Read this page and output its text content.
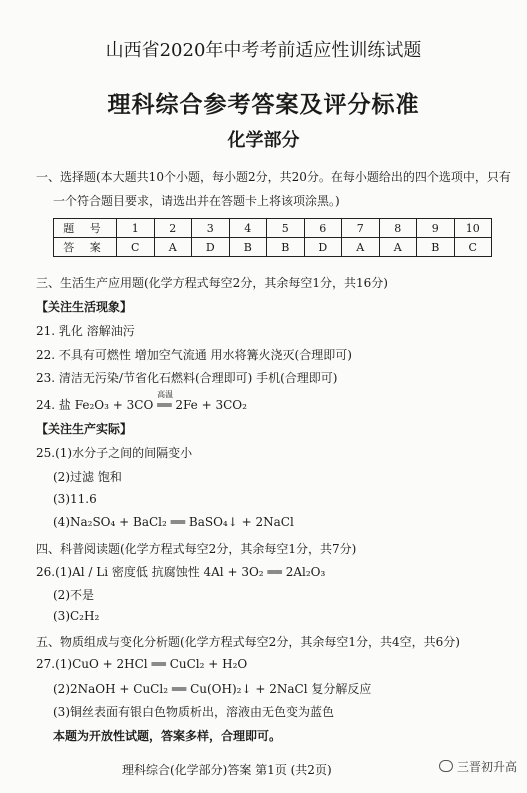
山西省2020年中考考前适应性训练试题
理科综合参考答案及评分标准
化学部分
一、选择题(本大题共10个小题，每小题2分，共20分。在每小题给出的四个选项中，只有
一个符合题目要求，请选出并在答题卡上将该项涂黑。)
题 号	1	2	3	4	5	6	7	8	9	10
答 案	C	A	D	B	B	D	A	A	B	C
三、生活生产应用题(化学方程式每空2分，其余每空1分，共16分)
【关注生活现象】
21. 乳化 溶解油污
22. 不具有可燃性 增加空气流通 用水将篝火浇灭(合理即可)
23. 清洁无污染/节省化石燃料(合理即可) 手机(合理即可)
24. 盐 Fe₂O₃ + 3CO
高温
══ 2Fe + 3CO₂
【关注生产实际】
25.(1)水分子之间的间隔变小
(2)过滤 饱和
(3)11.6
(4)Na₂SO₄ + BaCl₂ ══ BaSO₄↓ + 2NaCl
四、科普阅读题(化学方程式每空2分，其余每空1分，共7分)
26.(1)Al / Li 密度低 抗腐蚀性 4Al + 3O₂ ══ 2Al₂O₃
(2)不是
(3)C₂H₂
五、物质组成与变化分析题(化学方程式每空2分，其余每空1分，共4空，共6分)
27.(1)CuO + 2HCl ══ CuCl₂ + H₂O
(2)2NaOH + CuCl₂ ══ Cu(OH)₂↓ + 2NaCl 复分解反应
(3)铜丝表面有银白色物质析出，溶液由无色变为蓝色
本题为开放性试题，答案多样，合理即可。
理科综合(化学部分)答案 第1页 (共2页)	三晋初升高
